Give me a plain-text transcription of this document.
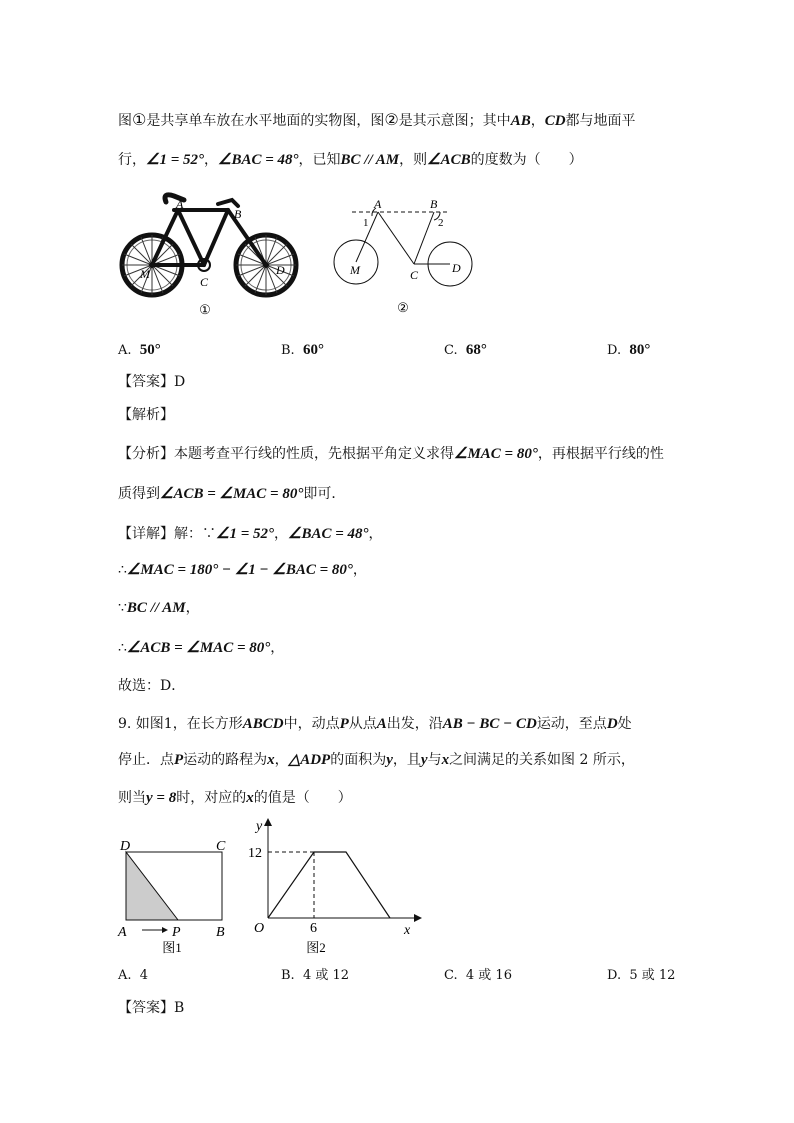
图①是共享单车放在水平地面的实物图，图②是其示意图；其中AB，CD都与地面平
行，∠1 = 52°，∠BAC = 48°，已知BC // AM，则∠ACB的度数为（　　）
A
B
C
M	D
①
A	B
C
M	D
1	2
②
A. 50°	B. 60°	C. 68°	D. 80°
【答案】D
【解析】
【分析】本题考查平行线的性质，先根据平角定义求得∠MAC = 80°，再根据平行线的性
质得到∠ACB = ∠MAC = 80°即可．
【详解】解：∵∠1 = 52°，∠BAC = 48°，
∴∠MAC = 180° − ∠1 − ∠BAC = 80°，
∵BC // AM，
∴∠ACB = ∠MAC = 80°，
故选：D．
9. 如图1，在长方形ABCD中，动点P从点A出发，沿AB − BC − CD运动，至点D处
停止．点P运动的路程为x，△ADP的面积为y，且y与x之间满足的关系如图 2 所示，
则当y = 8时，对应的x的值是（　　）
D	C
A	B
P
图1
y
x
O
12
6
图2
A. 4	B. 4 或 12	C. 4 或 16	D. 5 或 12
【答案】B
